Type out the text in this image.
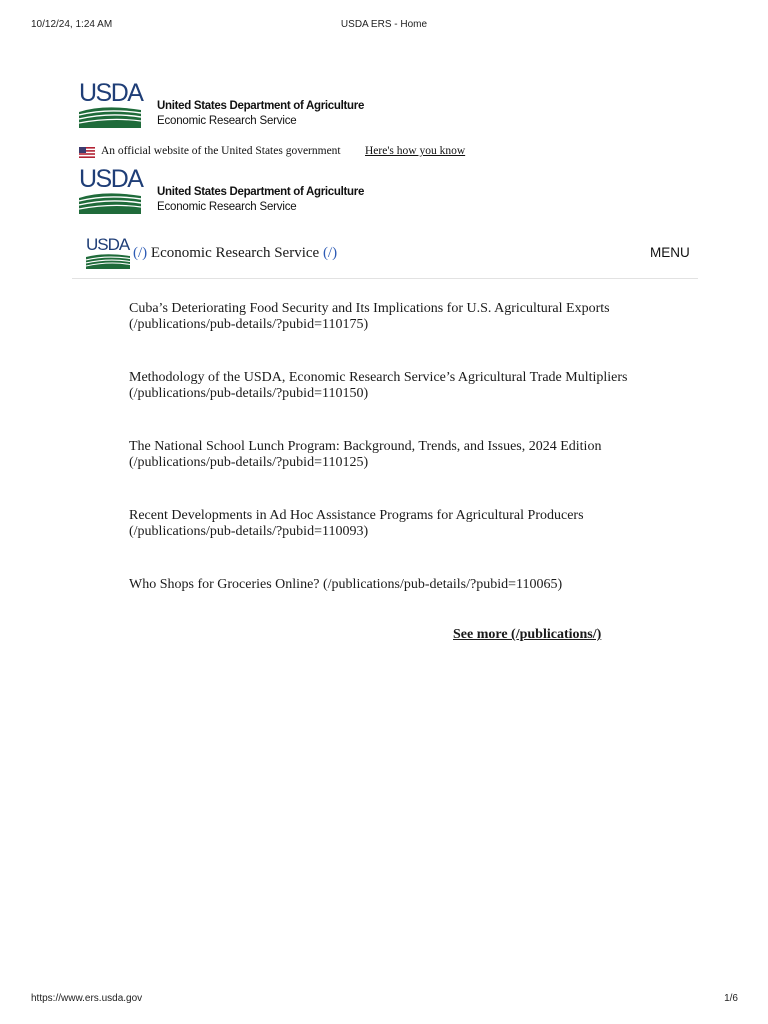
10/12/24, 1:24 AM	USDA ERS - Home
USDA United States Department of Agriculture
Economic Research Service
An official website of the United States government Here's how you know
USDA United States Department of Agriculture
Economic Research Service
USDA (/) Economic Research Service (/)	MENU
Cuba’s Deteriorating Food Security and Its Implications for U.S. Agricultural Exports (/publications/pub-details/?pubid=110175)
Methodology of the USDA, Economic Research Service’s Agricultural Trade Multipliers (/publications/pub-details/?pubid=110150)
The National School Lunch Program: Background, Trends, and Issues, 2024 Edition (/publications/pub-details/?pubid=110125)
Recent Developments in Ad Hoc Assistance Programs for Agricultural Producers (/publications/pub-details/?pubid=110093)
Who Shops for Groceries Online? (/publications/pub-details/?pubid=110065)
See more (/publications/)
https://www.ers.usda.gov	1/6
